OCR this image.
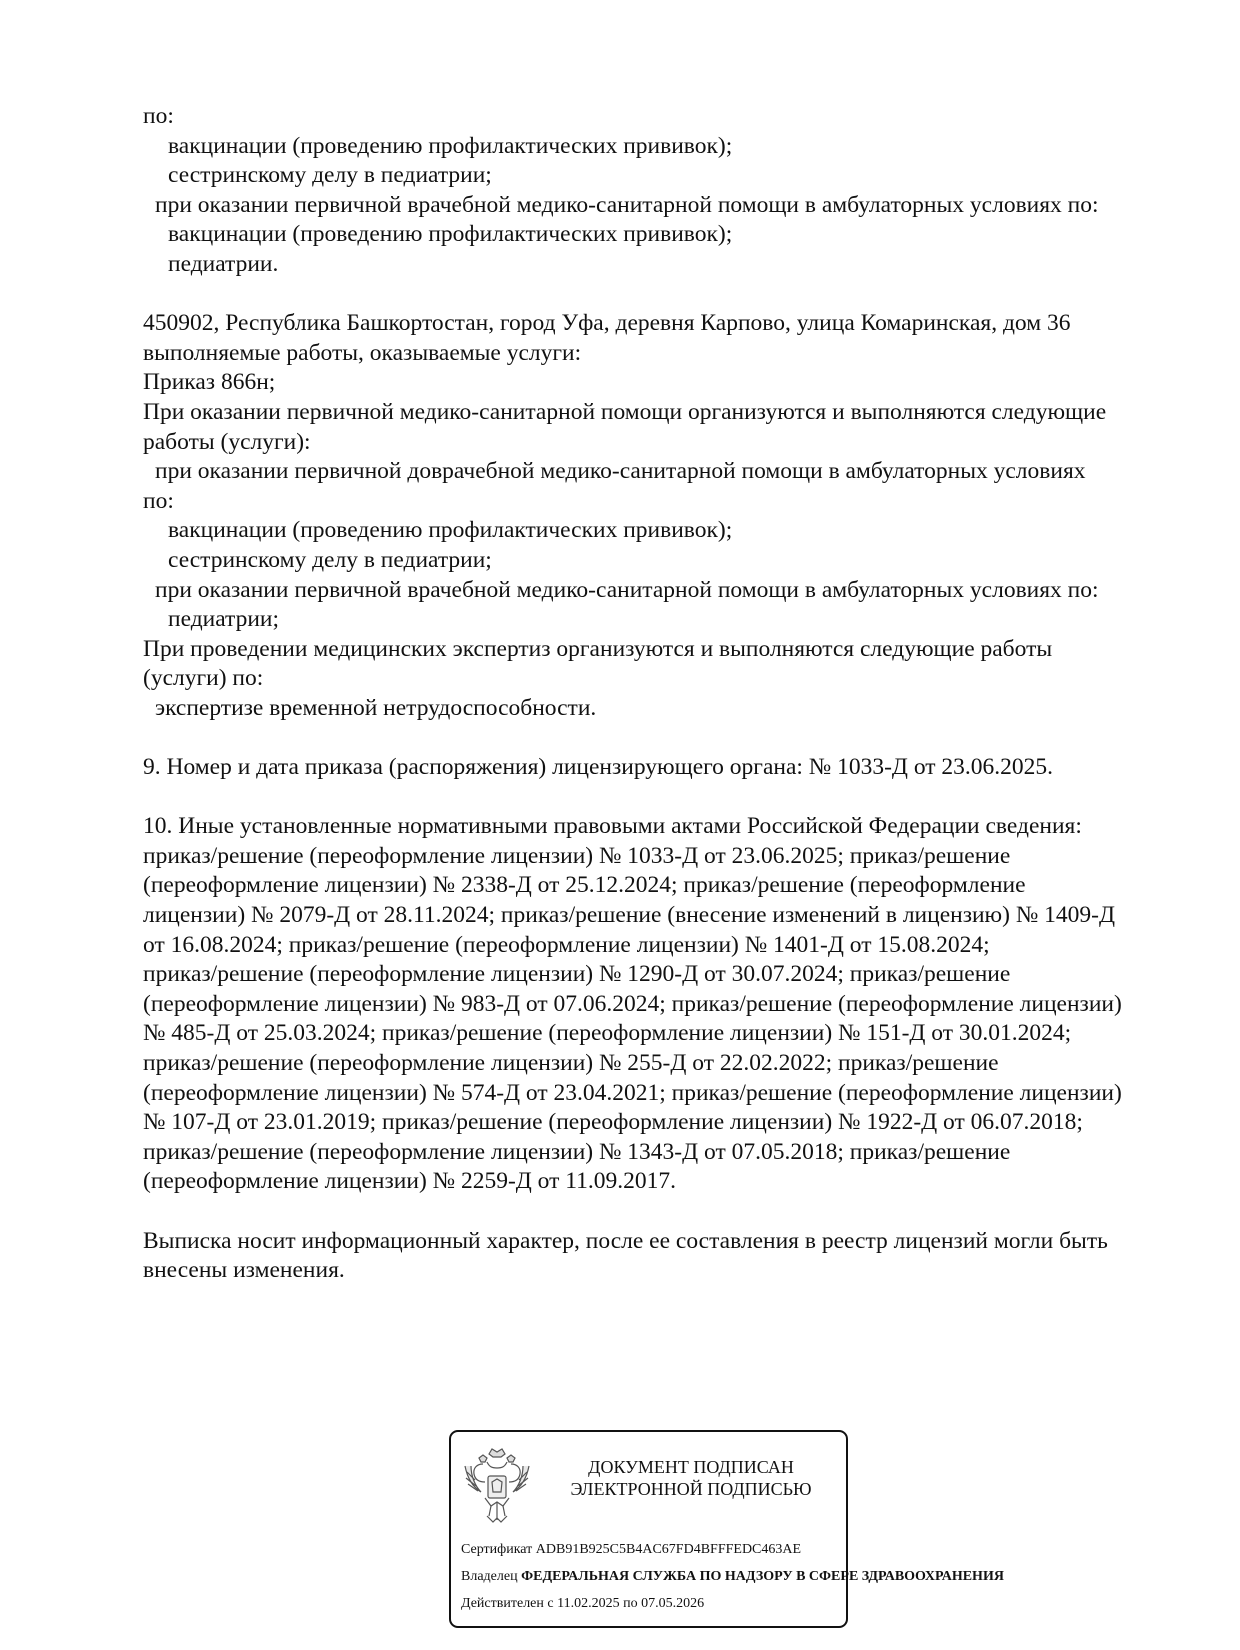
по:
вакцинации (проведению профилактических прививок);
сестринскому делу в педиатрии;
при оказании первичной врачебной медико-санитарной помощи в амбулаторных условиях по:
вакцинации (проведению профилактических прививок);
педиатрии.
450902, Республика Башкортостан, город Уфа, деревня Карпово, улица Комаринская, дом 36
выполняемые работы, оказываемые услуги:
Приказ 866н;
При оказании первичной медико-санитарной помощи организуются и выполняются следующие
работы (услуги):
при оказании первичной доврачебной медико-санитарной помощи в амбулаторных условиях
по:
вакцинации (проведению профилактических прививок);
сестринскому делу в педиатрии;
при оказании первичной врачебной медико-санитарной помощи в амбулаторных условиях по:
педиатрии;
При проведении медицинских экспертиз организуются и выполняются следующие работы
(услуги) по:
экспертизе временной нетрудоспособности.
9. Номер и дата приказа (распоряжения) лицензирующего органа: № 1033-Д от 23.06.2025.
10. Иные установленные нормативными правовыми актами Российской Федерации сведения:
приказ/решение (переоформление лицензии) № 1033-Д от 23.06.2025; приказ/решение
(переоформление лицензии) № 2338-Д от 25.12.2024; приказ/решение (переоформление
лицензии) № 2079-Д от 28.11.2024; приказ/решение (внесение изменений в лицензию) № 1409-Д
от 16.08.2024; приказ/решение (переоформление лицензии) № 1401-Д от 15.08.2024;
приказ/решение (переоформление лицензии) № 1290-Д от 30.07.2024; приказ/решение
(переоформление лицензии) № 983-Д от 07.06.2024; приказ/решение (переоформление лицензии)
№ 485-Д от 25.03.2024; приказ/решение (переоформление лицензии) № 151-Д от 30.01.2024;
приказ/решение (переоформление лицензии) № 255-Д от 22.02.2022; приказ/решение
(переоформление лицензии) № 574-Д от 23.04.2021; приказ/решение (переоформление лицензии)
№ 107-Д от 23.01.2019; приказ/решение (переоформление лицензии) № 1922-Д от 06.07.2018;
приказ/решение (переоформление лицензии) № 1343-Д от 07.05.2018; приказ/решение
(переоформление лицензии) № 2259-Д от 11.09.2017.
Выписка носит информационный характер, после ее составления в реестр лицензий могли быть
внесены изменения.
ДОКУМЕНТ ПОДПИСАН
ЭЛЕКТРОННОЙ ПОДПИСЬЮ
Сертификат ADB91B925C5B4AC67FD4BFFFEDC463AE
Владелец ФЕДЕРАЛЬНАЯ СЛУЖБА ПО НАДЗОРУ В СФЕРЕ ЗДРАВООХРАНЕНИЯ
Действителен с 11.02.2025 по 07.05.2026
